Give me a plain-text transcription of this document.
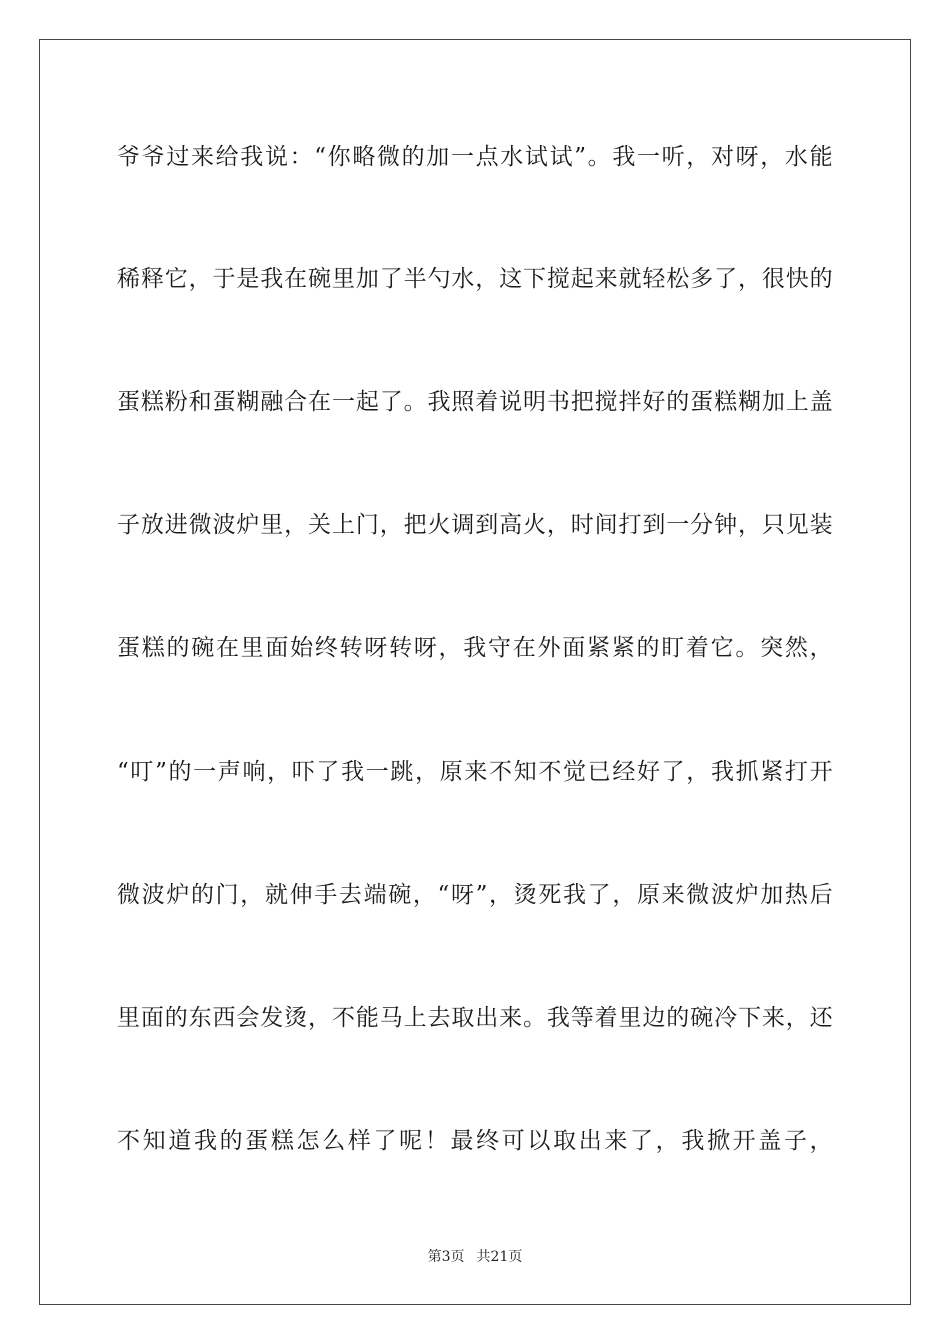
爷爷过来给我说：“你略微的加一点水试试”。我一听，对呀，水能
稀释它，于是我在碗里加了半勺水，这下搅起来就轻松多了，很快的
蛋糕粉和蛋糊融合在一起了。我照着说明书把搅拌好的蛋糕糊加上盖
子放进微波炉里，关上门，把火调到高火，时间打到一分钟，只见装
蛋糕的碗在里面始终转呀转呀，我守在外面紧紧的盯着它。突然，
“叮”的一声响，吓了我一跳，原来不知不觉已经好了，我抓紧打开
微波炉的门，就伸手去端碗，“呀”，烫死我了，原来微波炉加热后
里面的东西会发烫，不能马上去取出来。我等着里边的碗冷下来，还
不知道我的蛋糕怎么样了呢！最终可以取出来了，我掀开盖子，
第3页 共21页
